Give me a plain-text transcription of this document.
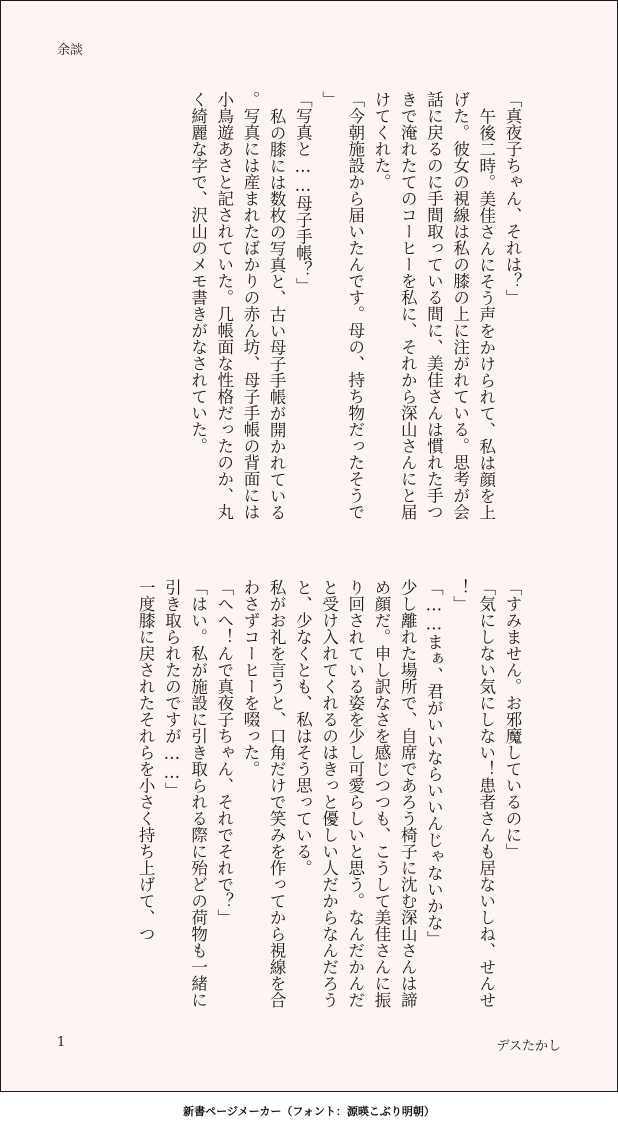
余談

「真夜子ちゃん、それは？」

午後二時。美佳さんにそう声をかけられて、私は顔を上げた。彼女の視線は私の膝の上に注がれている。思考が会話に戻るのに手間取っている間に、美佳さんは慣れた手つきで淹れたてのコーヒーを私に、それから深山さんにと届けてくれた。

「今朝施設から届いたんです。母の、持ち物だったそうで」

「写真と……母子手帳？」

私の膝には数枚の写真と、古い母子手帳が開かれている。写真には産まれたばかりの赤ん坊、母子手帳の背面には小鳥遊あさと記されていた。几帳面な性格だったのか、丸く綺麗な字で、沢山のメモ書きがなされていた。

「すみません。お邪魔しているのに」

「気にしない気にしない！患者さんも居ないしね、せんせ！」

「……まぁ、君がいいならいいんじゃないかな」

少し離れた場所で、自席であろう椅子に沈む深山さんは諦め顔だ。申し訳なさを感じつつも、こうして美佳さんに振り回されている姿を少し可愛らしいと思う。なんだかんだと受け入れてくれるのはきっと優しい人だからなんだろうと、少なくとも、私はそう思っている。

私がお礼を言うと、口角だけで笑みを作ってから視線を合わさずコーヒーを啜った。

「へへ！んで真夜子ちゃん、それでそれで？」

「はい。私が施設に引き取られる際に殆どの荷物も一緒に引き取られたのですが……」

一度膝に戻されたそれらを小さく持ち上げて、つ

1	デスたかし
新書ページメーカー（フォント：源暎こぶり明朝）
